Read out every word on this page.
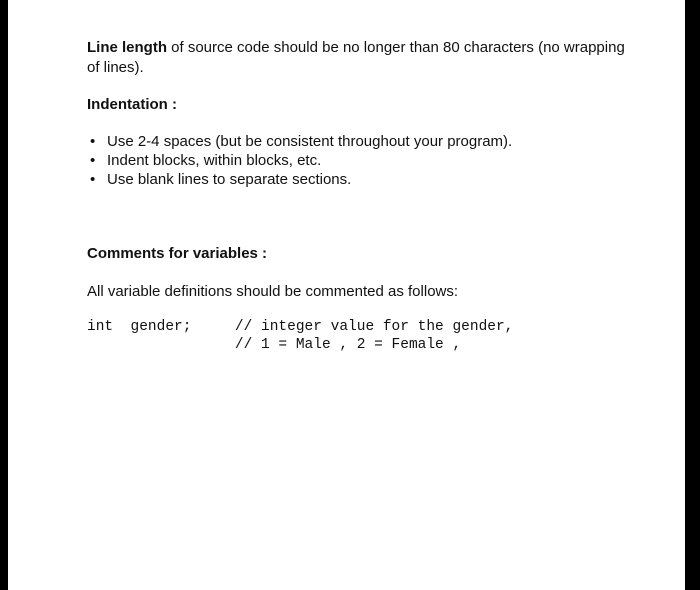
Line length of source code should be no longer than 80 characters (no wrapping of lines).

Indentation :

• Use 2-4 spaces (but be consistent throughout your program).
• Indent blocks, within blocks, etc.
• Use blank lines to separate sections.

Comments for variables :

All variable definitions should be commented as follows:

int  gender;     // integer value for the gender,
// 1 = Male , 2 = Female ,
